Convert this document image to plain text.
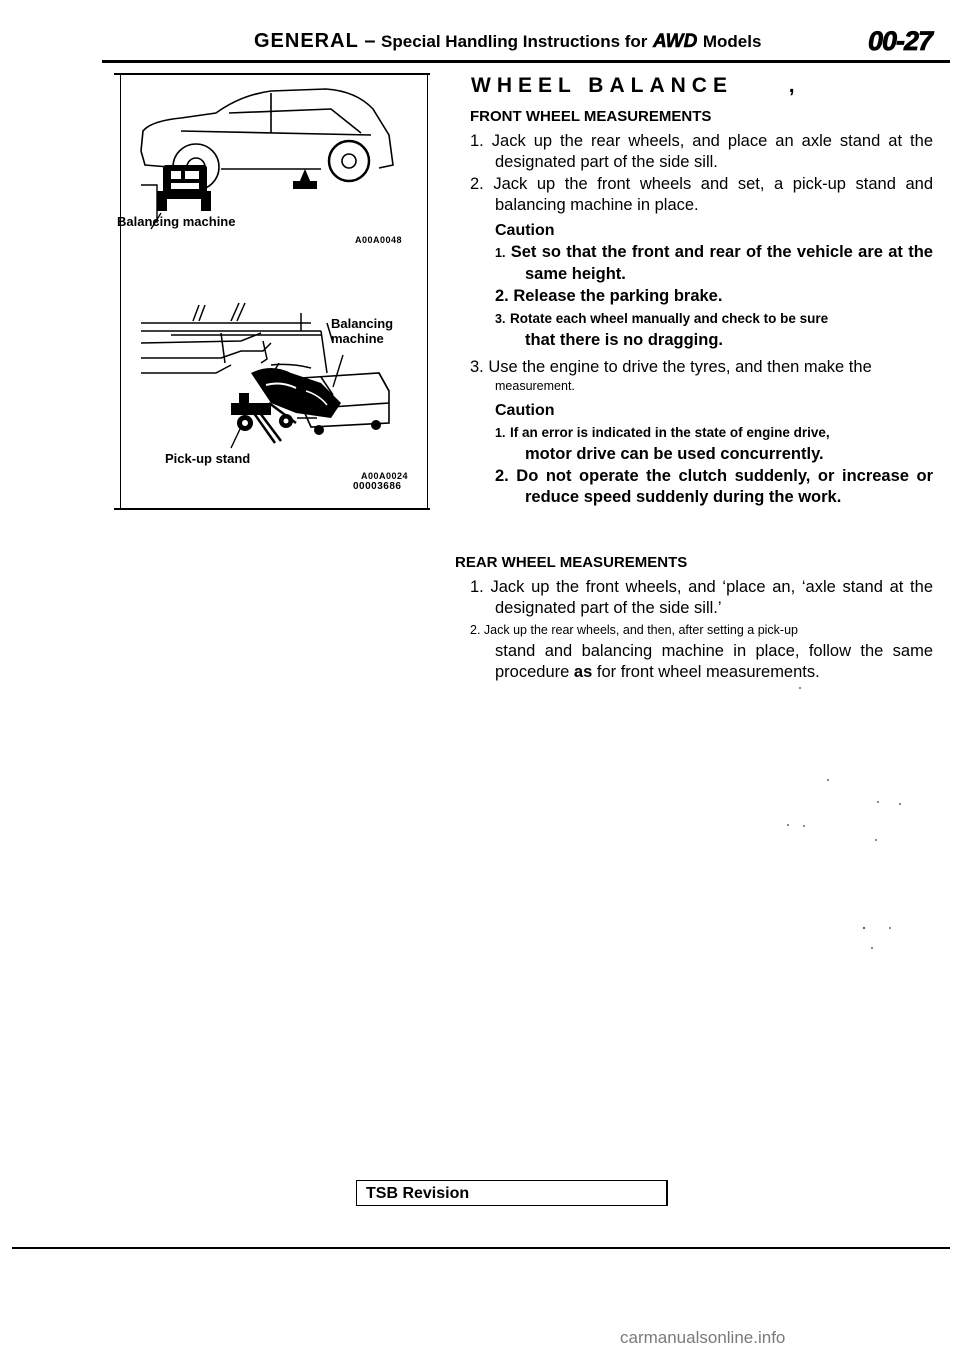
GENERAL – Special Handling Instructions for AWD Models	00-27
Balancing machine
A00A0048
Balancing
machine
Pick-up stand
A00A0024
00003686
WHEEL BALANCE	,
FRONT WHEEL MEASUREMENTS

1. Jack up the rear wheels, and place an axle stand at the designated part of the side sill.

2. Jack up the front wheels and set, a pick-up stand and balancing machine in place.

Caution

1. Set so that the front and rear of the vehicle are at the same height.

2. Release the parking brake.

3. Rotate each wheel manually and check to be sure

that there is no dragging.

3. Use the engine to drive the tyres, and then make the

measurement.

Caution

1. If an error is indicated in the state of engine drive,

motor drive can be used concurrently.

2. Do not operate the clutch suddenly, or increase or reduce speed suddenly during the work.

REAR WHEEL MEASUREMENTS

1. Jack up the front wheels, and ‘place an, ‘axle stand at the designated part of the side sill.’

2. Jack up the rear wheels, and then, after setting a pick-up

stand and balancing machine in place, follow the same procedure as for front wheel measurements.

TSB Revision
carmanualsonline.info
